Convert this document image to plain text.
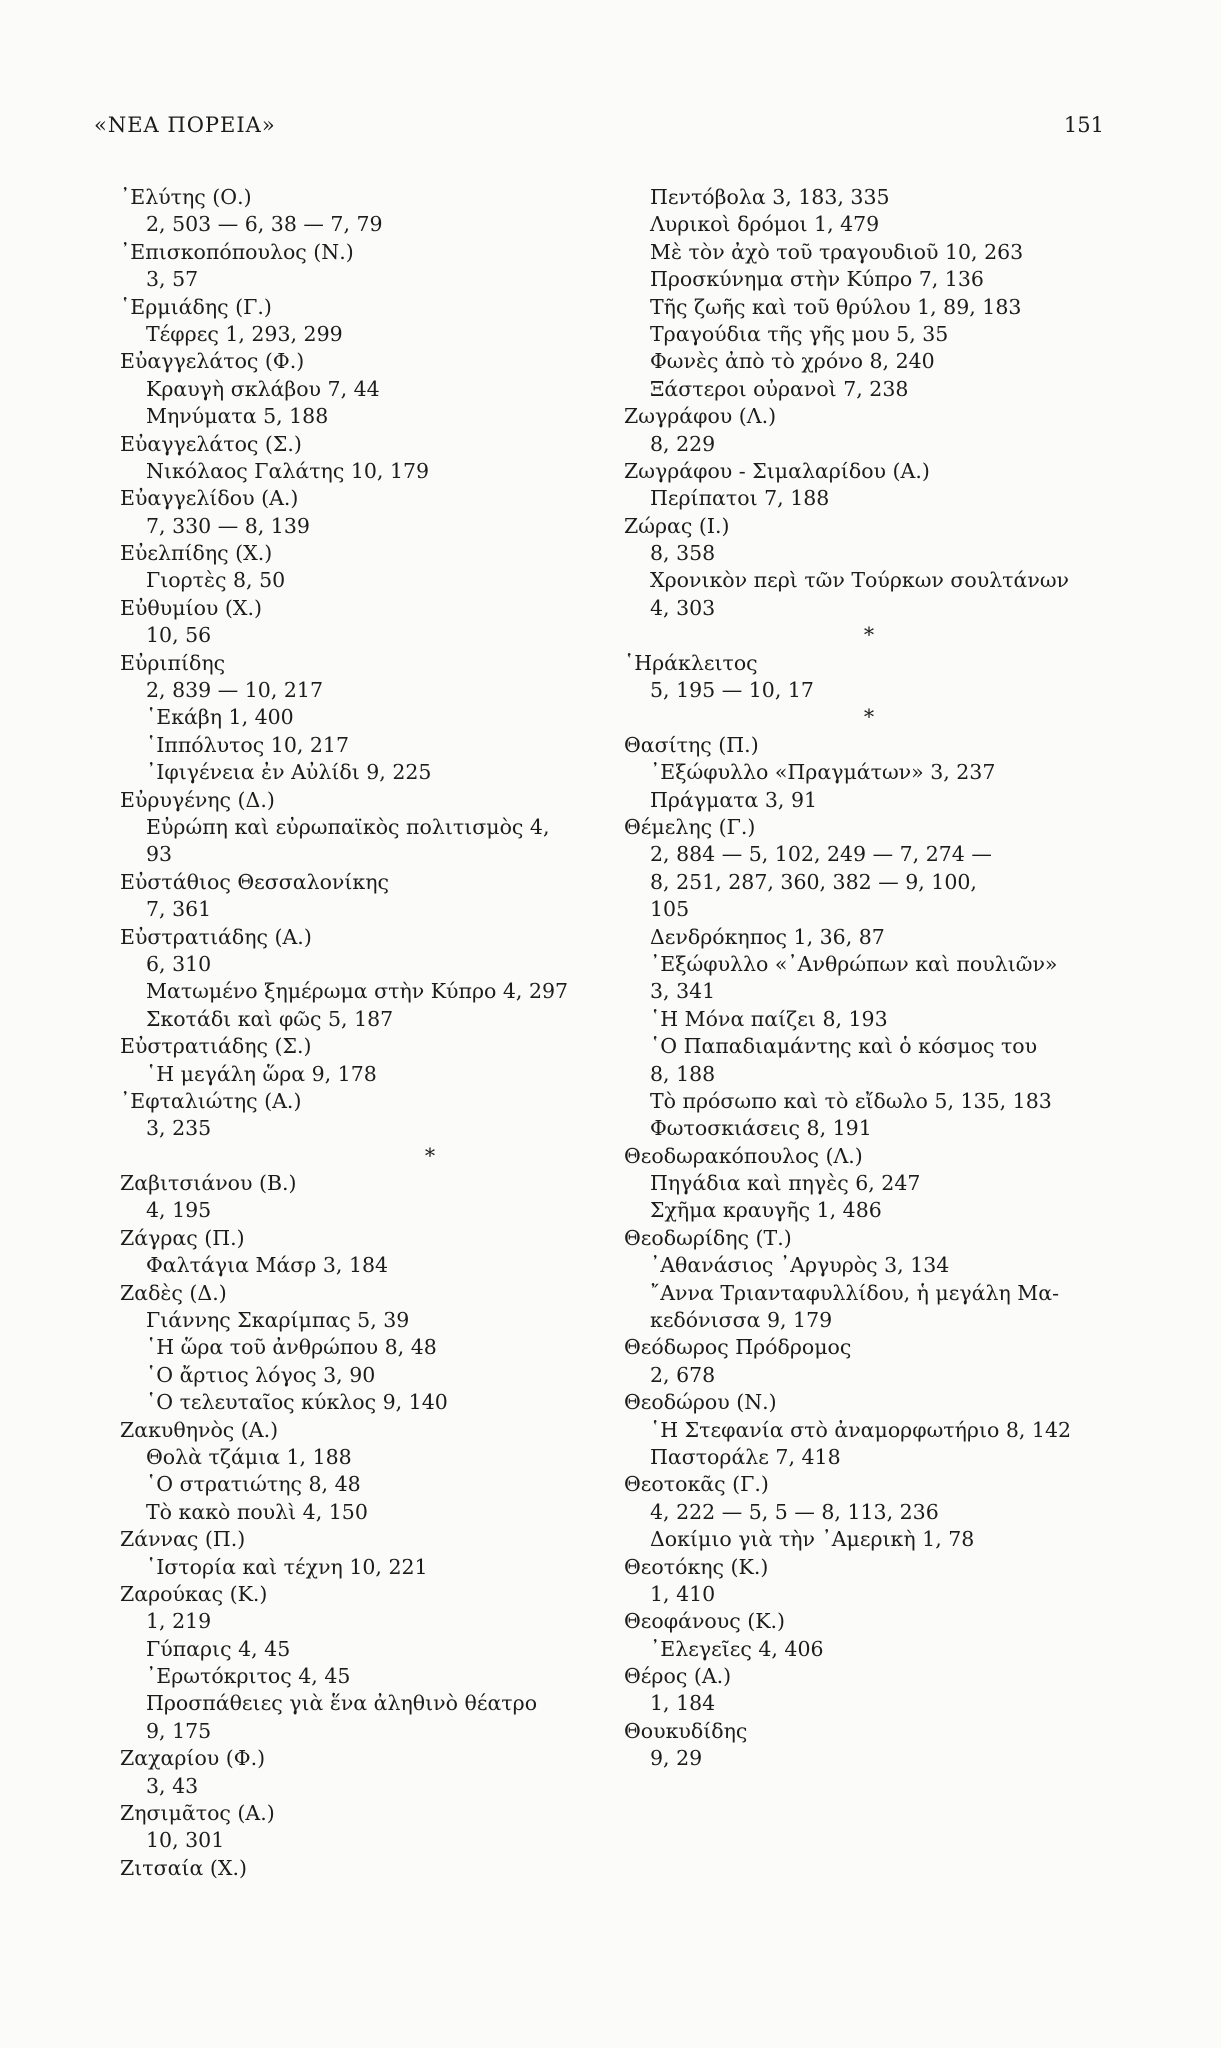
«ΝΕΑ ΠΟΡΕΙΑ»	151
᾿Ελύτης (Ο.)
2, 503 — 6, 38 — 7, 79
᾿Επισκοπόπουλος (Ν.)
3, 57
῾Ερμιάδης (Γ.)
Τέφρες 1, 293, 299
Εὐαγγελάτος (Φ.)
Κραυγὴ σκλάβου 7, 44
Μηνύματα 5, 188
Εὐαγγελάτος (Σ.)
Νικόλαος Γαλάτης 10, 179
Εὐαγγελίδου (Α.)
7, 330 — 8, 139
Εὐελπίδης (Χ.)
Γιορτὲς 8, 50
Εὐθυμίου (Χ.)
10, 56
Εὐριπίδης
2, 839 — 10, 217
῾Εκάβη 1, 400
῾Ιππόλυτος 10, 217
᾿Ιφιγένεια ἐν Αὐλίδι 9, 225
Εὐρυγένης (Δ.)
Εὐρώπη καὶ εὐρωπαϊκὸς πολιτισμὸς 4,
93
Εὐστάθιος Θεσσαλονίκης
7, 361
Εὐστρατιάδης (Α.)
6, 310
Ματωμένο ξημέρωμα στὴν Κύπρο 4, 297
Σκοτάδι καὶ φῶς 5, 187
Εὐστρατιάδης (Σ.)
῾Η μεγάλη ὥρα 9, 178
᾿Εφταλιώτης (Α.)
3, 235
*
Ζαβιτσιάνου (Β.)
4, 195
Ζάγρας (Π.)
Φαλτάγια Μάσρ 3, 184
Ζαδὲς (Δ.)
Γιάννης Σκαρίμπας 5, 39
῾Η ὥρα τοῦ ἀνθρώπου 8, 48
῾Ο ἄρτιος λόγος 3, 90
῾Ο τελευταῖος κύκλος 9, 140
Ζακυθηνὸς (Α.)
Θολὰ τζάμια 1, 188
῾Ο στρατιώτης 8, 48
Τὸ κακὸ πουλὶ 4, 150
Ζάννας (Π.)
῾Ιστορία καὶ τέχνη 10, 221
Ζαρούκας (Κ.)
1, 219
Γύπαρις 4, 45
᾿Ερωτόκριτος 4, 45
Προσπάθειες γιὰ ἕνα ἀληθινὸ θέατρο
9, 175
Ζαχαρίου (Φ.)
3, 43
Ζησιμᾶτος (Α.)
10, 301
Ζιτσαία (Χ.)
Πεντόβολα 3, 183, 335
Λυρικοὶ δρόμοι 1, 479
Μὲ τὸν ἀχὸ τοῦ τραγουδιοῦ 10, 263
Προσκύνημα στὴν Κύπρο 7, 136
Τῆς ζωῆς καὶ τοῦ θρύλου 1, 89, 183
Τραγούδια τῆς γῆς μου 5, 35
Φωνὲς ἀπὸ τὸ χρόνο 8, 240
Ξάστεροι οὐρανοὶ 7, 238
Ζωγράφου (Λ.)
8, 229
Ζωγράφου - Σιμαλαρίδου (Α.)
Περίπατοι 7, 188
Ζώρας (Ι.)
8, 358
Χρονικὸν περὶ τῶν Τούρκων σουλτάνων
4, 303
*
῾Ηράκλειτος
5, 195 — 10, 17
*
Θασίτης (Π.)
᾿Εξώφυλλο «Πραγμάτων» 3, 237
Πράγματα 3, 91
Θέμελης (Γ.)
2, 884 — 5, 102, 249 — 7, 274 —
8, 251, 287, 360, 382 — 9, 100,
105
Δενδρόκηπος 1, 36, 87
᾿Εξώφυλλο «᾿Ανθρώπων καὶ πουλιῶν»
3, 341
῾Η Μόνα παίζει 8, 193
῾Ο Παπαδιαμάντης καὶ ὁ κόσμος του
8, 188
Τὸ πρόσωπο καὶ τὸ εἴδωλο 5, 135, 183
Φωτοσκιάσεις 8, 191
Θεοδωρακόπουλος (Λ.)
Πηγάδια καὶ πηγὲς 6, 247
Σχῆμα κραυγῆς 1, 486
Θεοδωρίδης (Τ.)
᾿Αθανάσιος ᾿Αργυρὸς 3, 134
῎Αννα Τριανταφυλλίδου, ἡ μεγάλη Μα-
κεδόνισσα 9, 179
Θεόδωρος Πρόδρομος
2, 678
Θεοδώρου (Ν.)
῾Η Στεφανία στὸ ἀναμορφωτήριο 8, 142
Παστοράλε 7, 418
Θεοτοκᾶς (Γ.)
4, 222 — 5, 5 — 8, 113, 236
Δοκίμιο γιὰ τὴν ᾿Αμερικὴ 1, 78
Θεοτόκης (Κ.)
1, 410
Θεοφάνους (Κ.)
᾿Ελεγεῖες 4, 406
Θέρος (Α.)
1, 184
Θουκυδίδης
9, 29
